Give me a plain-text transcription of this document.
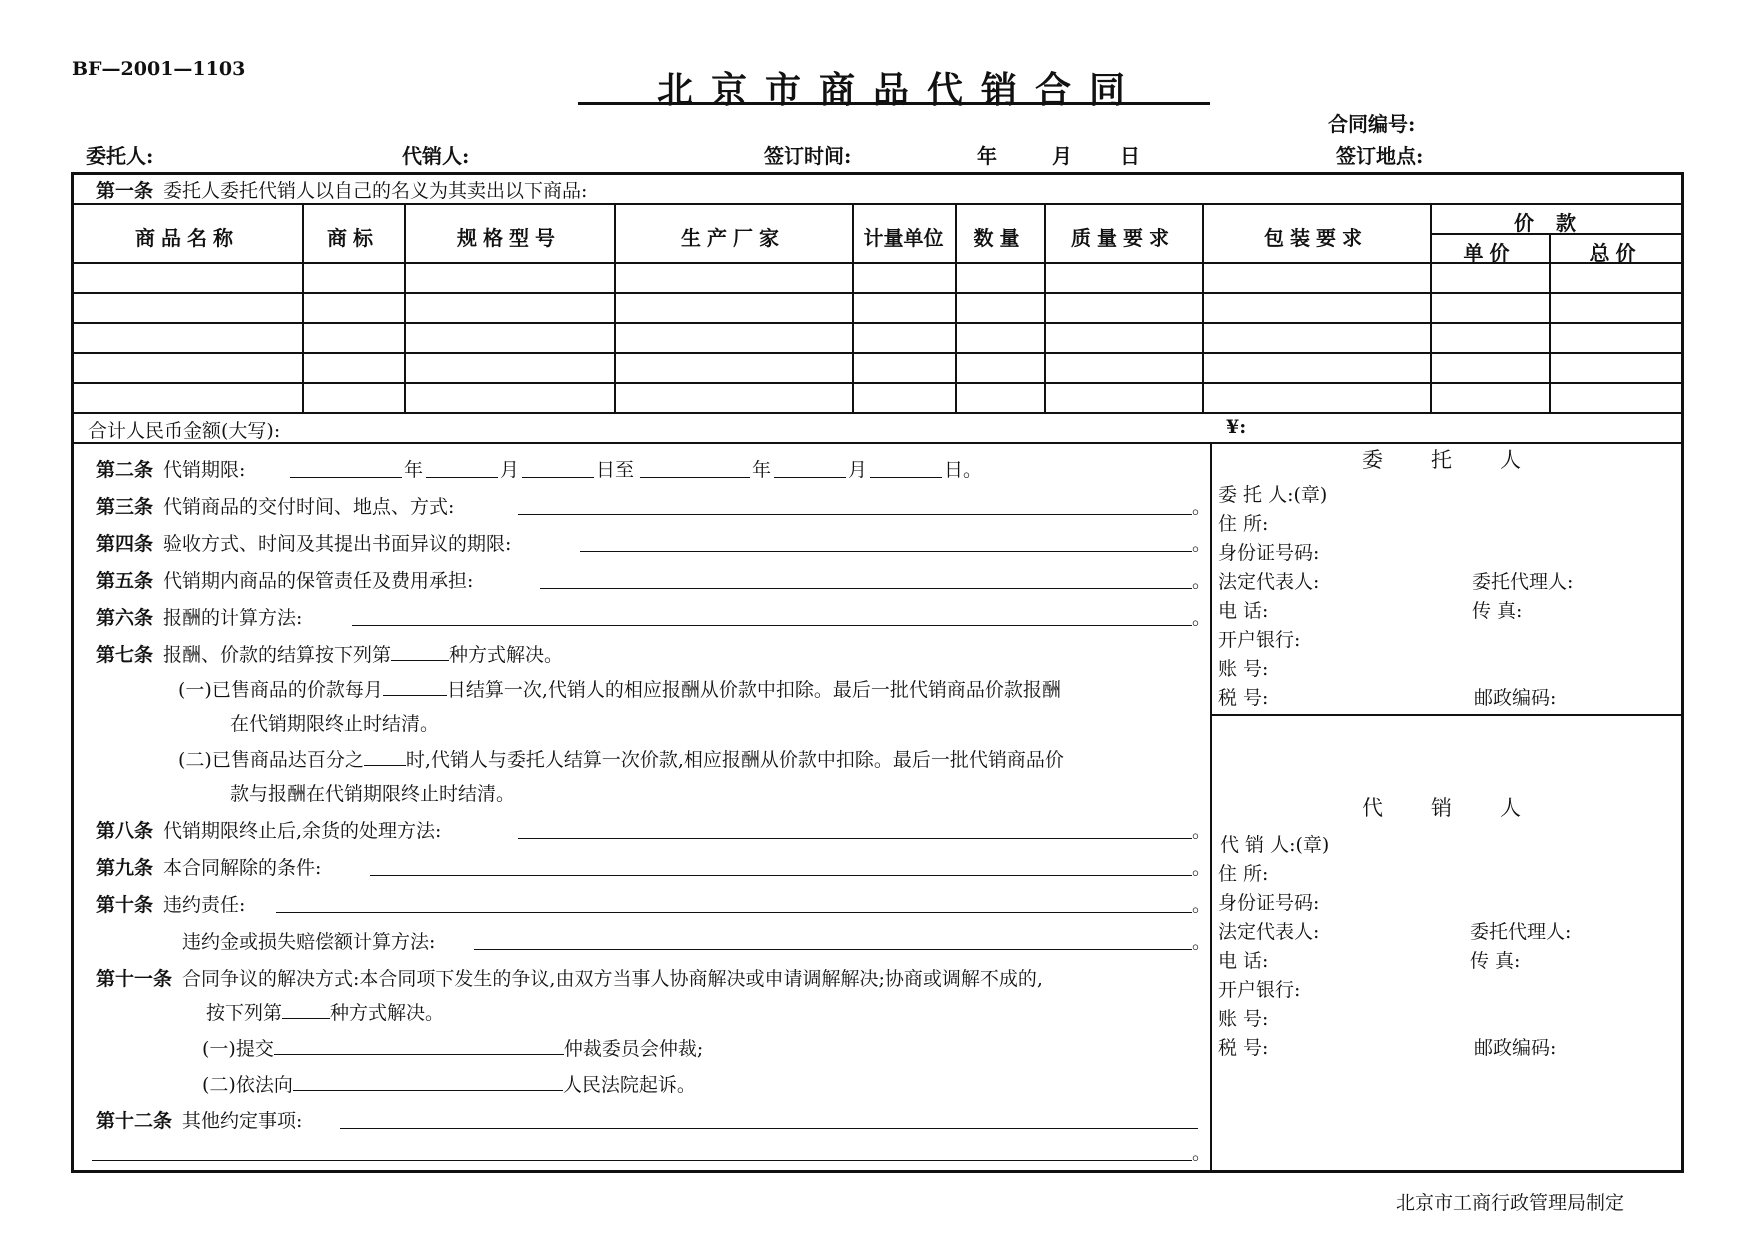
BF—2001—1103	北京市商品代销合同
合同编号:
委托人:	代销人:	签订时间:	年	月 日	签订地点:
第一条 委托人委托代销人以自己的名义为其卖出以下商品:
商品名称	商标	规格型号	生产厂家	计量单位	数量	质量要求	包装要求
价款
单价	总价
合计人民币金额(大写):	¥:
第二条 代销期限:	年	月	日至	年	月	日。
第三条 代销商品的交付时间、地点、方式:	。
第四条 验收方式、时间及其提出书面异议的期限:	。
第五条 代销期内商品的保管责任及费用承担:	。
第六条 报酬的计算方法:	。
第七条 报酬、价款的结算按下列第	种方式解决。
(一)已售商品的价款每月	日结算一次,代销人的相应报酬从价款中扣除。最后一批代销商品价款报酬
在代销期限终止时结清。
(二)已售商品达百分之 时,代销人与委托人结算一次价款,相应报酬从价款中扣除。最后一批代销商品价
款与报酬在代销期限终止时结清。
第八条 代销期限终止后,余货的处理方法:	。
第九条 本合同解除的条件:	。
第十条 违约责任:	。
违约金或损失赔偿额计算方法:	。
第十一条 合同争议的解决方式:本合同项下发生的争议,由双方当事人协商解决或申请调解解决;协商或调解不成的,
按下列第	种方式解决。
(一)提交	仲裁委员会仲裁;
(二)依法向	人民法院起诉。
第十二条 其他约定事项:
。
委托人
委 托 人:(章)
住 所:
身份证号码:
法定代表人:	委托代理人:
电 话:	传 真:
开户银行:
账 号:
税 号:	邮政编码:
代销人
代 销 人:(章)
住 所:
身份证号码:
法定代表人:	委托代理人:
电 话:	传 真:
开户银行:
账 号:
税 号:	邮政编码:
北京市工商行政管理局制定
